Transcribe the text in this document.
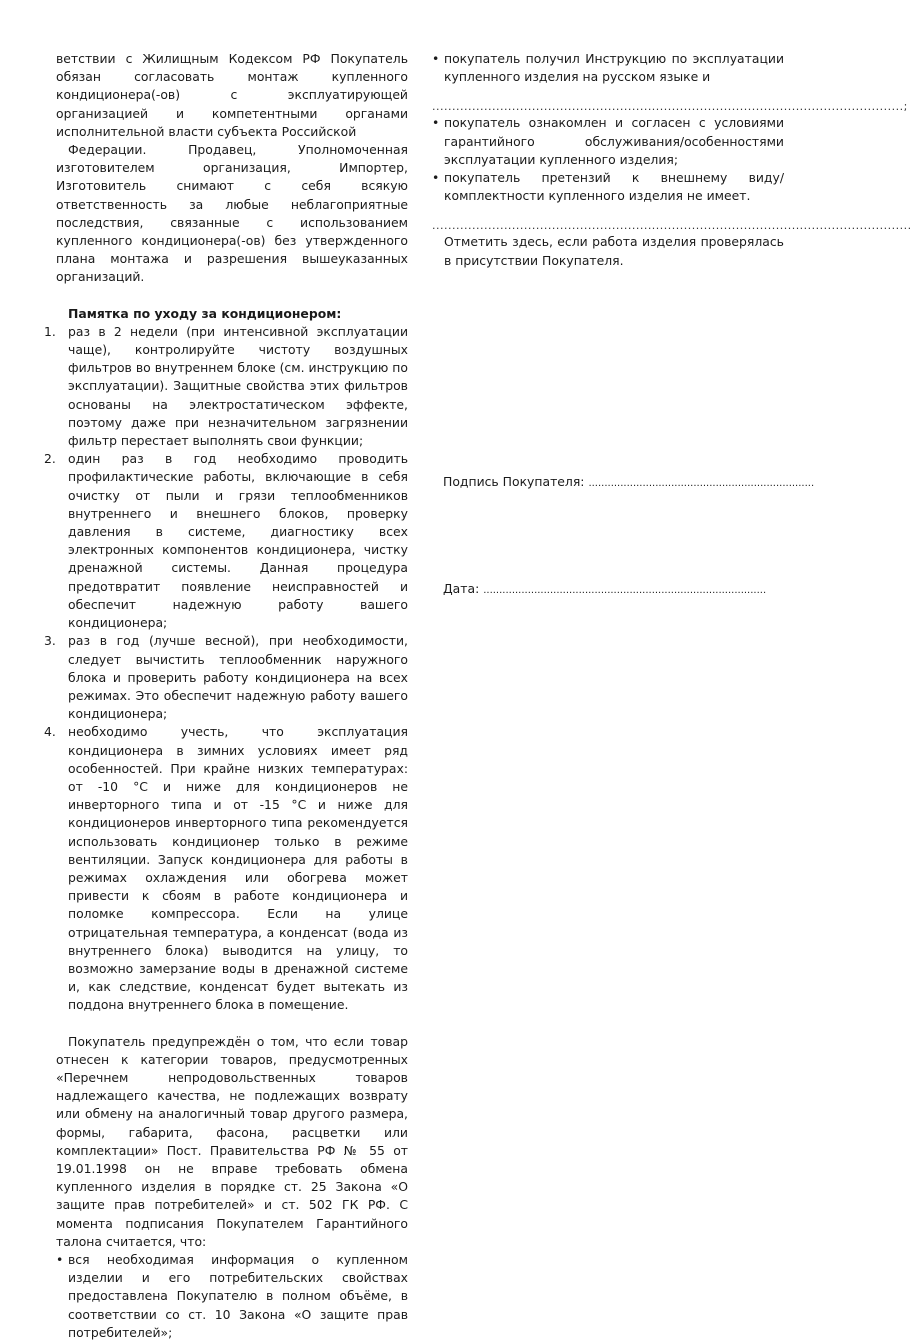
ветствии с Жилищным Кодексом РФ Покупатель обязан согласовать монтаж купленного кондиционера(-ов) с эксплуатирующей организацией и компетентными органами исполнительной власти субъекта Российской

Федерации. Продавец, Уполномоченная изготовителем организация, Импортер, Изготовитель снимают с себя всякую ответственность за любые неблагоприятные последствия, связанные с использованием купленного кондиционера(-ов) без утвержденного плана монтажа и разрешения вышеуказанных организаций.

Памятка по уходу за кондиционером:

1. раз в 2 недели (при интенсивной эксплуатации чаще), контролируйте чистоту воздушных фильтров во внутреннем блоке (см. инструкцию по эксплуатации). Защитные свойства этих фильтров основаны на электростатическом эффекте, поэтому даже при незначительном загрязнении фильтр перестает выполнять свои функции;
2. один раз в год необходимо проводить профилактические работы, включающие в себя очистку от пыли и грязи теплообменников внутреннего и внешнего блоков, проверку давления в системе, диагностику всех электронных компонентов кондиционера, чистку дренажной системы. Данная процедура предотвратит появление неисправностей и обеспечит надежную работу вашего кондиционера;
3. раз в год (лучше весной), при необходимости, следует вычистить теплообменник наружного блока и проверить работу кондиционера на всех режимах. Это обеспечит надежную работу вашего кондиционера;
4. необходимо учесть, что эксплуатация кондиционера в зимних условиях имеет ряд особенностей. При крайне низких температурах: от -10 °С и ниже для кондиционеров не инверторного типа и от -15 °С и ниже для кондиционеров инверторного типа рекомендуется использовать кондиционер только в режиме вентиляции. Запуск кондиционера для работы в режимах охлаждения или обогрева может привести к сбоям в работе кондиционера и поломке компрессора. Если на улице отрицательная температура, а конденсат (вода из внутреннего блока) выводится на улицу, то возможно замерзание воды в дренажной системе и, как следствие, конденсат будет вытекать из поддона внутреннего блока в помещение.

Покупатель предупреждён о том, что если товар отнесен к категории товаров, предусмотренных «Перечнем непродовольственных товаров надлежащего качества, не подлежащих возврату или обмену на аналогичный товар другого размера, формы, габарита, фасона, расцветки или комплектации» Пост. Правительства РФ № 55 от 19.01.1998 он не вправе требовать обмена купленного изделия в порядке ст. 25 Закона «О защите прав потребителей» и ст. 502 ГК РФ. С момента подписания Покупателем Гарантийного талона считается, что:

• вся необходимая информация о купленном изделии и его потребительских свойствах предоставлена Покупателю в полном объёме, в соответствии со ст. 10 Закона «О защите прав потребителей»;
• покупатель получил Инструкцию по эксплуатации купленного изделия на русском языке и
......................................................................................................................;
• покупатель ознакомлен и согласен с условиями гарантийного обслуживания/особенностями эксплуатации купленного изделия;
• покупатель претензий к внешнему виду/комплектности купленного изделия не имеет.
........................................................................................................................

Отметить здесь, если работа изделия проверялась в присутствии Покупателя.

Подпись Покупателя: .......................................................................
Дата: .........................................................................................
